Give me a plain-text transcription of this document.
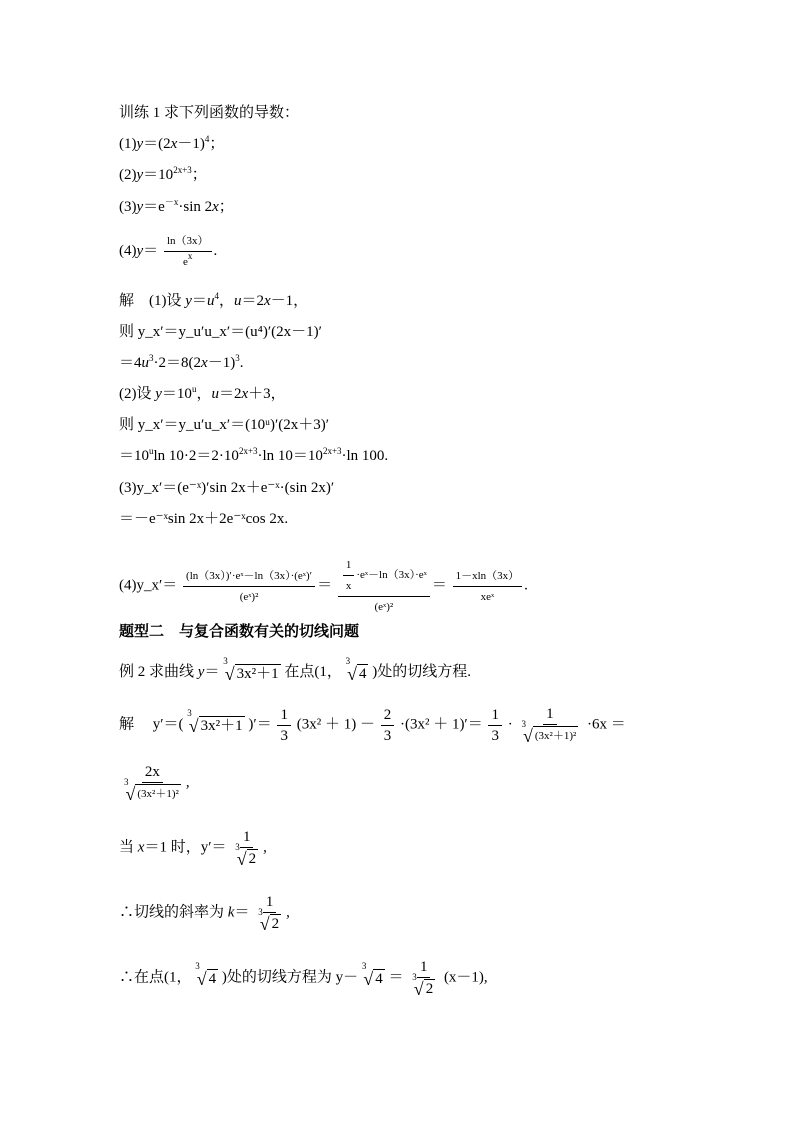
训练 1 求下列函数的导数：
$(1)y=(2x-1)^4$；
$(2)y=10^{2x+3}$；
$(3)y=e^{-x}\cdot\sin$ 2x；
$(4)y= \frac{\ln(3x)}{e^x}$ .
解　(1)设 $y=u^4$，u＝2x－1，
则 y_x′＝y_u′u_x′＝(u⁴)′(2x－1)′
$=4u^3\cdot 2=8(2x-1)^3$.
(2)设 $y=10^u$，u＝2x＋3，
则 y_x′＝y_u′u_x′＝(10ᵘ)′(2x＋3)′
$=10^u\ln$ $10\cdot 2=2\cdot 10^{2x+3}\cdot\ln$ $10=10^{2x+3}\cdot\ln$ 100.
(3)y_x′＝(e⁻ˣ)′sin 2x＋e⁻ˣ·(sin 2x)′
＝－e⁻ˣsin 2x＋2e⁻ˣcos 2x.
(4)y_x′＝ $\frac{\text{(ln（3x）)′·eˣ－ln（3x）·(eˣ)′}}{\text{(eˣ)²}} = \frac{\frac{1}{x} \cdot eˣ-\ln(3x)\cdot eˣ}{\text{(eˣ)²}} = \frac{1-xln(3x)}{\text{xeˣ}}$ .
题型二　与复合函数有关的切线问题
例 2 求曲线 y＝
3
√ 3x²＋1 在点(1，
3
√ 4 )处的切线方程.
解　 y′＝(
3
√ 3x²＋1 )′＝ $\frac{1}{3} (3x^2 + 1) - \frac{2}{3} \cdot(3x^2 + 1)'= \frac{1}{3} \cdot 1$
3
√ (3x²＋1)² ·6x ＝
2x
3
√ (3x²＋1)² ,
当 x＝1 时，y′＝ 1
3
√ 2 ,
∴切线的斜率为 k＝ 1
3
√ 2 ,
∴在点(1，
3
√ 4 )处的切线方程为 y－
3
√ 4 ＝ 1
3
√ 2 (x－1),
